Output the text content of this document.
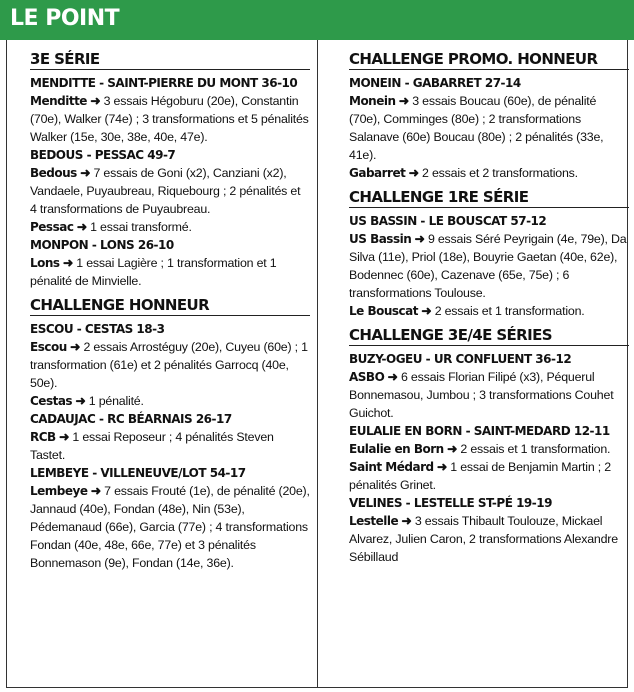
LE POINT
3E SÉRIE

MENDITTE - SAINT-PIERRE DU MONT 36-10

Menditte ➜ 3 essais Hégoburu (20e), Constantin (70e), Walker (74e) ; 3 transformations et 5 pénalités Walker (15e, 30e, 38e, 40e, 47e).

BEDOUS - PESSAC 49-7

Bedous ➜ 7 essais de Goni (x2), Canziani (x2), Vandaele, Puyaubreau, Riquebourg ; 2 pénalités et 4 transformations de Puyaubreau.

Pessac ➜ 1 essai transformé.

MONPON - LONS 26-10

Lons ➜ 1 essai Lagière ; 1 transformation et 1 pénalité de Minvielle.

CHALLENGE HONNEUR

ESCOU - CESTAS 18-3

Escou ➜ 2 essais Arrostéguy (20e), Cuyeu (60e) ; 1 transformation (61e) et 2 pénalités Garrocq (40e, 50e).

Cestas ➜ 1 pénalité.

CADAUJAC - RC BÉARNAIS 26-17

RCB ➜ 1 essai Reposeur ; 4 pénalités Steven Tastet.

LEMBEYE - VILLENEUVE/LOT 54-17

Lembeye ➜ 7 essais Frouté (1e), de pénalité (20e), Jannaud (40e), Fondan (48e), Nin (53e), Pédemanaud (66e), Garcia (77e) ; 4 transformations Fondan (40e, 48e, 66e, 77e) et 3 pénalités Bonnemason (9e), Fondan (14e, 36e).

CHALLENGE PROMO. HONNEUR

MONEIN - GABARRET 27-14

Monein ➜ 3 essais Boucau (60e), de pénalité (70e), Comminges (80e) ; 2 transformations Salanave (60e) Boucau (80e) ; 2 pénalités (33e, 41e).

Gabarret ➜ 2 essais et 2 transformations.

CHALLENGE 1RE SÉRIE

US BASSIN - LE BOUSCAT 57-12

US Bassin ➜ 9 essais Séré Peyrigain (4e, 79e), Da Silva (11e), Priol (18e), Bouyrie Gaetan (40e, 62e), Bodennec (60e), Cazenave (65e, 75e) ; 6 transformations Toulouse.

Le Bouscat ➜ 2 essais et 1 transformation.

CHALLENGE 3E/4E SÉRIES

BUZY-OGEU - UR CONFLUENT 36-12

ASBO ➜ 6 essais Florian Filipé (x3), Péquerul Bonnemasou, Jumbou ; 3 transformations Couhet Guichot.

EULALIE EN BORN - SAINT-MEDARD 12-11

Eulalie en Born ➜ 2 essais et 1 transformation.

Saint Médard ➜ 1 essai de Benjamin Martin ; 2 pénalités Grinet.

VELINES - LESTELLE ST-PÉ 19-19

Lestelle ➜ 3 essais Thibault Toulouze, Mickael Alvarez, Julien Caron, 2 transformations Alexandre Sébillaud
